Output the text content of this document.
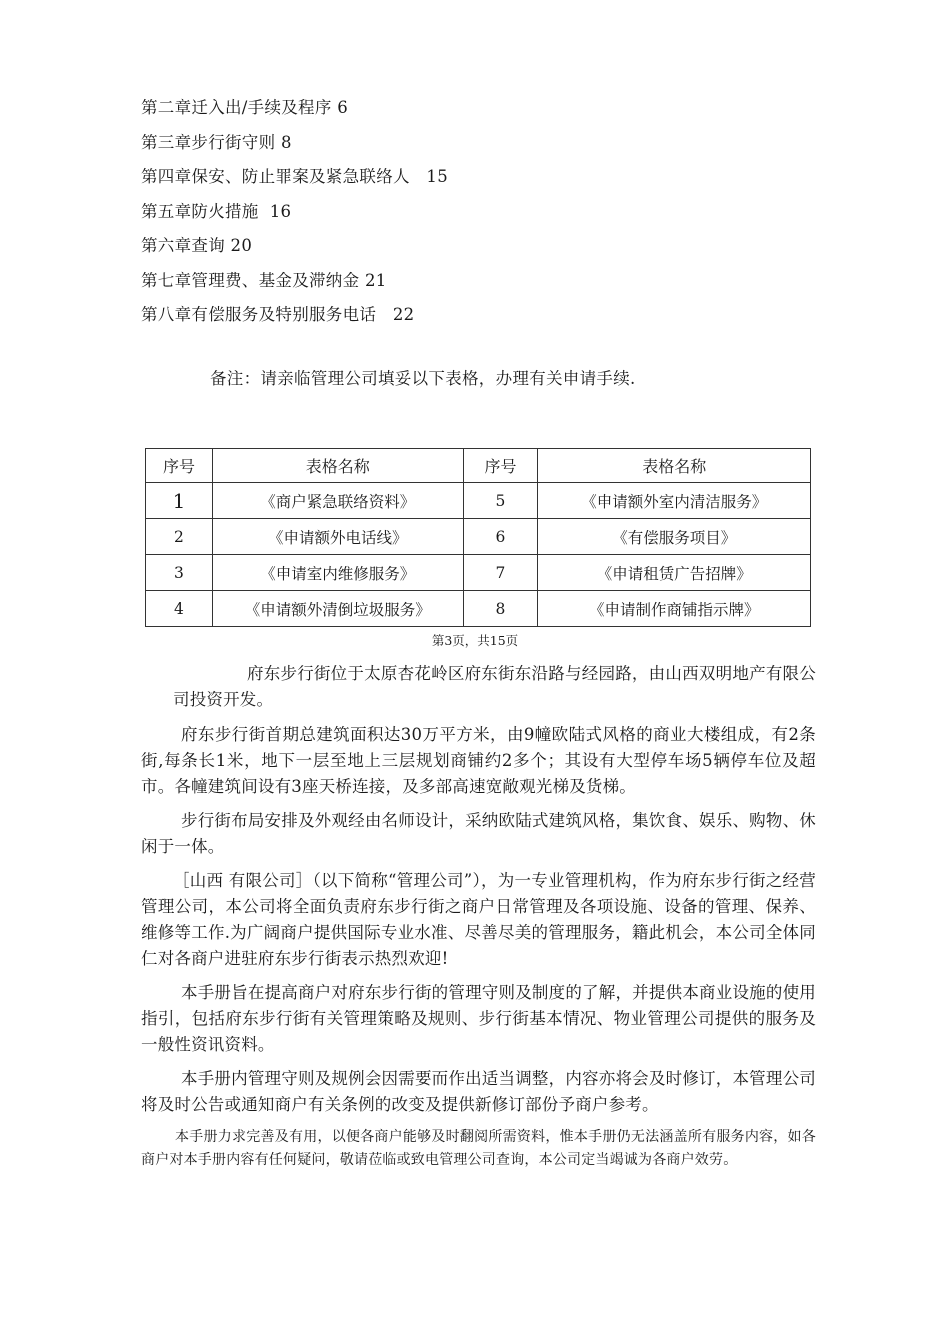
第二章迁入出/手续及程序 6
第三章步行街守则 8
第四章保安、防止罪案及紧急联络人   15
第五章防火措施  16
第六章查询 20
第七章管理费、基金及滞纳金 21
第八章有偿服务及特别服务电话   22
备注：请亲临管理公司填妥以下表格，办理有关申请手续.
序号	表格名称	序号	表格名称
1	《商户紧急联络资料》	5	《申请额外室内清洁服务》
2	《申请额外电话线》	6	《有偿服务项目》
3	《申请室内维修服务》	7	《申请租赁广告招牌》
4	《申请额外清倒垃圾服务》	8	《申请制作商铺指示牌》
第3页，共15页

府东步行街位于太原杏花岭区府东街东沿路与经园路，由山西双明地产有限公司投资开发。

府东步行街首期总建筑面积达30万平方米，由9幢欧陆式风格的商业大楼组成，有2条街,每条长1米，地下一层至地上三层规划商铺约2多个；其设有大型停车场5辆停车位及超市。各幢建筑间设有3座天桥连接，及多部高速宽敞观光梯及货梯。

步行街布局安排及外观经由名师设计，采纳欧陆式建筑风格，集饮食、娱乐、购物、休闲于一体。

［山西 有限公司］（以下简称“管理公司”），为一专业管理机构，作为府东步行街之经营管理公司，本公司将全面负责府东步行街之商户日常管理及各项设施、设备的管理、保养、维修等工作.为广阔商户提供国际专业水准、尽善尽美的管理服务，籍此机会，本公司全体同仁对各商户进驻府东步行街表示热烈欢迎!

本手册旨在提高商户对府东步行街的管理守则及制度的了解，并提供本商业设施的使用指引，包括府东步行街有关管理策略及规则、步行街基本情况、物业管理公司提供的服务及一般性资讯资料。

本手册内管理守则及规例会因需要而作出适当调整，内容亦将会及时修订，本管理公司将及时公告或通知商户有关条例的改变及提供新修订部份予商户参考。

本手册力求完善及有用，以便各商户能够及时翻阅所需资料，惟本手册仍无法涵盖所有服务内容，如各商户对本手册内容有任何疑问，敬请莅临或致电管理公司查询，本公司定当竭诚为各商户效劳。
